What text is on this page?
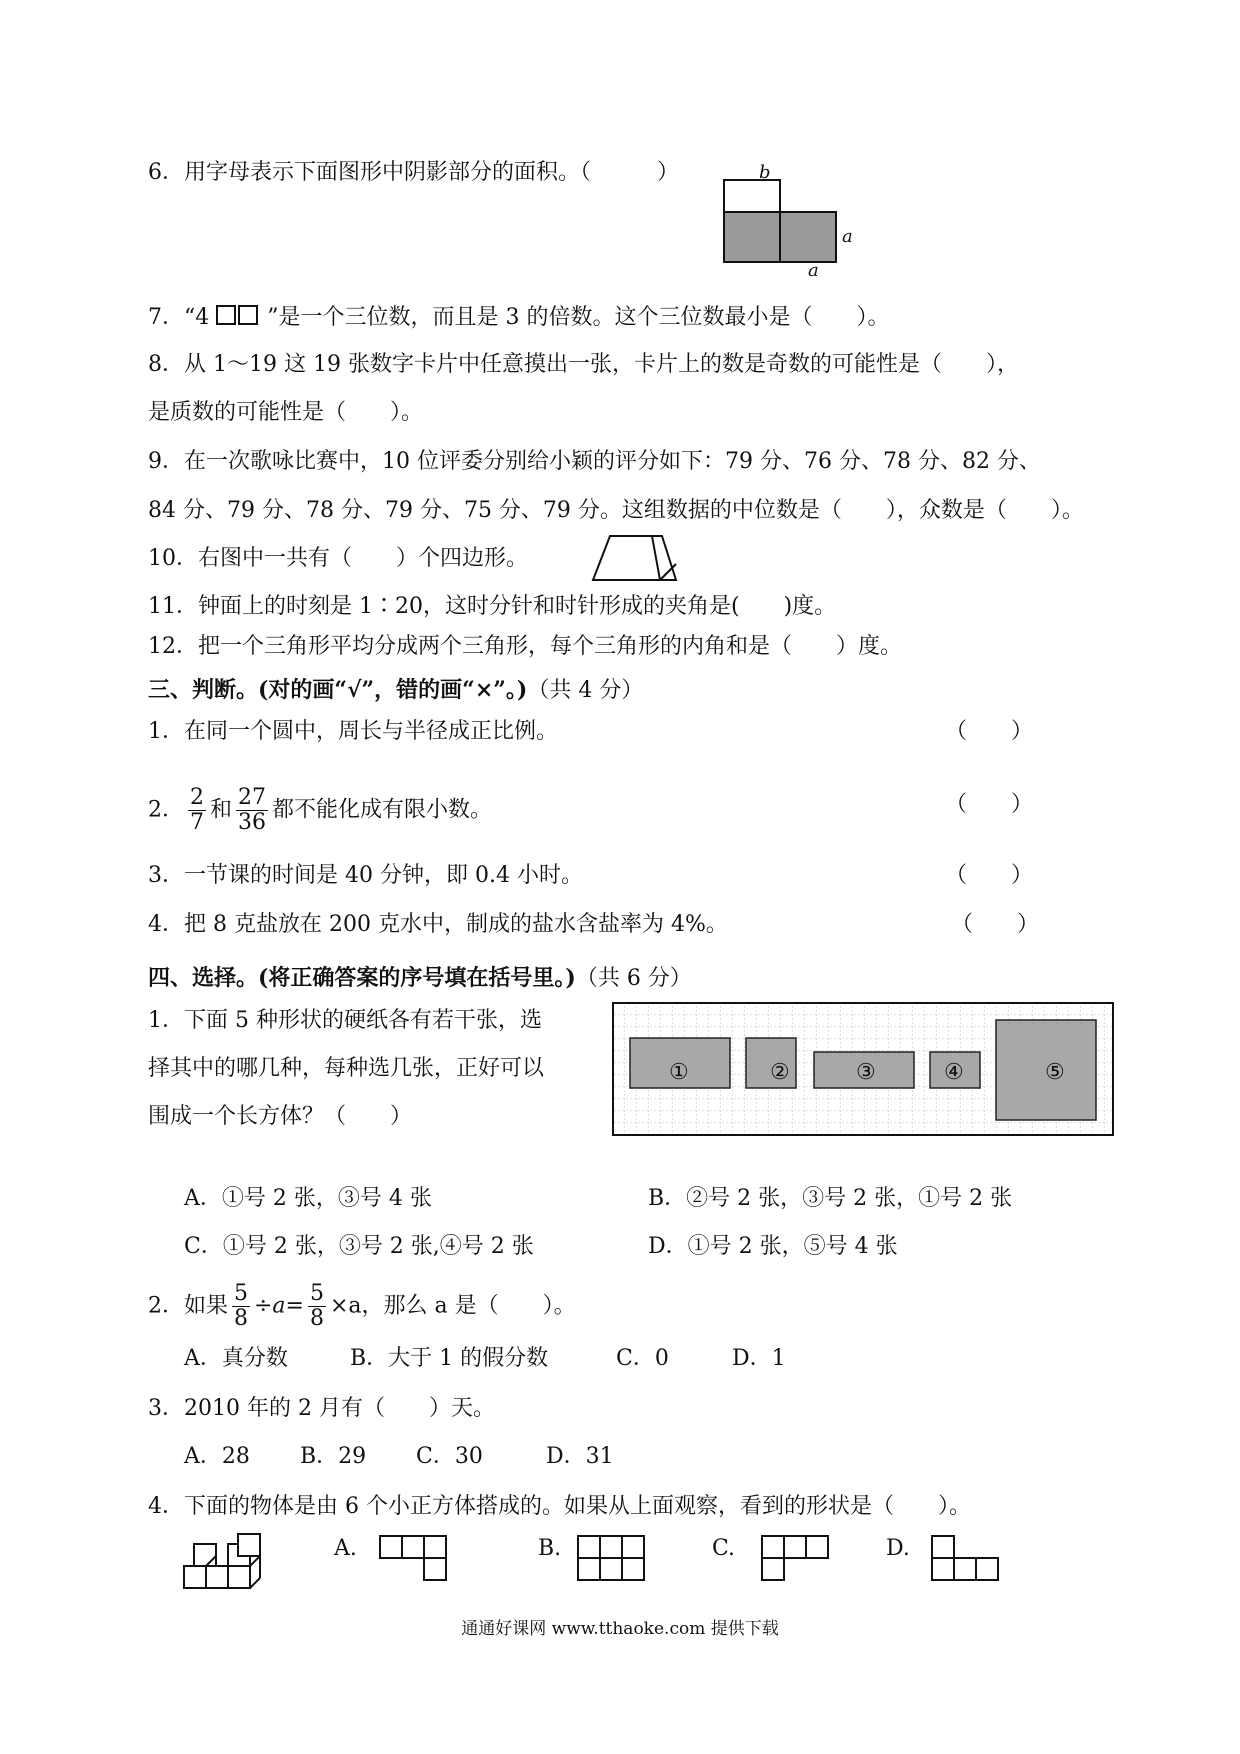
6．用字母表示下面图形中阴影部分的面积。（　　　）	b
a
a
7．“4	”是一个三位数，而且是 3 的倍数。这个三位数最小是（　　）。
8．从 1～19 这 19 张数字卡片中任意摸出一张，卡片上的数是奇数的可能性是（　　），
是质数的可能性是（　　）。
9．在一次歌咏比赛中，10 位评委分别给小颖的评分如下：79 分、76 分、78 分、82 分、
84 分、79 分、78 分、79 分、75 分、79 分。这组数据的中位数是（　　），众数是（　　）。
10．右图中一共有（　　）个四边形。
11．钟面上的时刻是 1∶20，这时分针和时针形成的夹角是(　　)度。
12．把一个三角形平均分成两个三角形，每个三角形的内角和是（　　）度。
三、判断。(对的画“√”，错的画“×”。)（共 4 分）
1．在同一个圆中，周长与半径成正比例。	（　　）
2． $\frac{2}{7}$ 和 $\frac{27}{36}$ 都不能化成有限小数。	（　　）
3．一节课的时间是 40 分钟，即 0.4 小时。	（　　）
4．把 8 克盐放在 200 克水中，制成的盐水含盐率为 4%。	（　　）
四、选择。(将正确答案的序号填在括号里。)（共 6 分）
1．下面 5 种形状的硬纸各有若干张，选
择其中的哪几种，每种选几张，正好可以
围成一个长方体？（　　）
①	②	③	④	⑤
A．①号 2 张，③号 4 张	B．②号 2 张，③号 2 张，①号 2 张
C．①号 2 张，③号 2 张,④号 2 张	D．①号 2 张，⑤号 4 张
2．如果 $\frac{5}{8} \div a= \frac{5}{8} \times a$，那么 a 是（　　）。
A．真分数	B．大于 1 的假分数	C．0	D．1
3．2010 年的 2 月有（　　）天。
A．28 B．29 C．30	D．31
4．下面的物体是由 6 个小正方体搭成的。如果从上面观察，看到的形状是（　　）。
A.	B.	C.	D.
通通好课网 www.tthaoke.com 提供下载
